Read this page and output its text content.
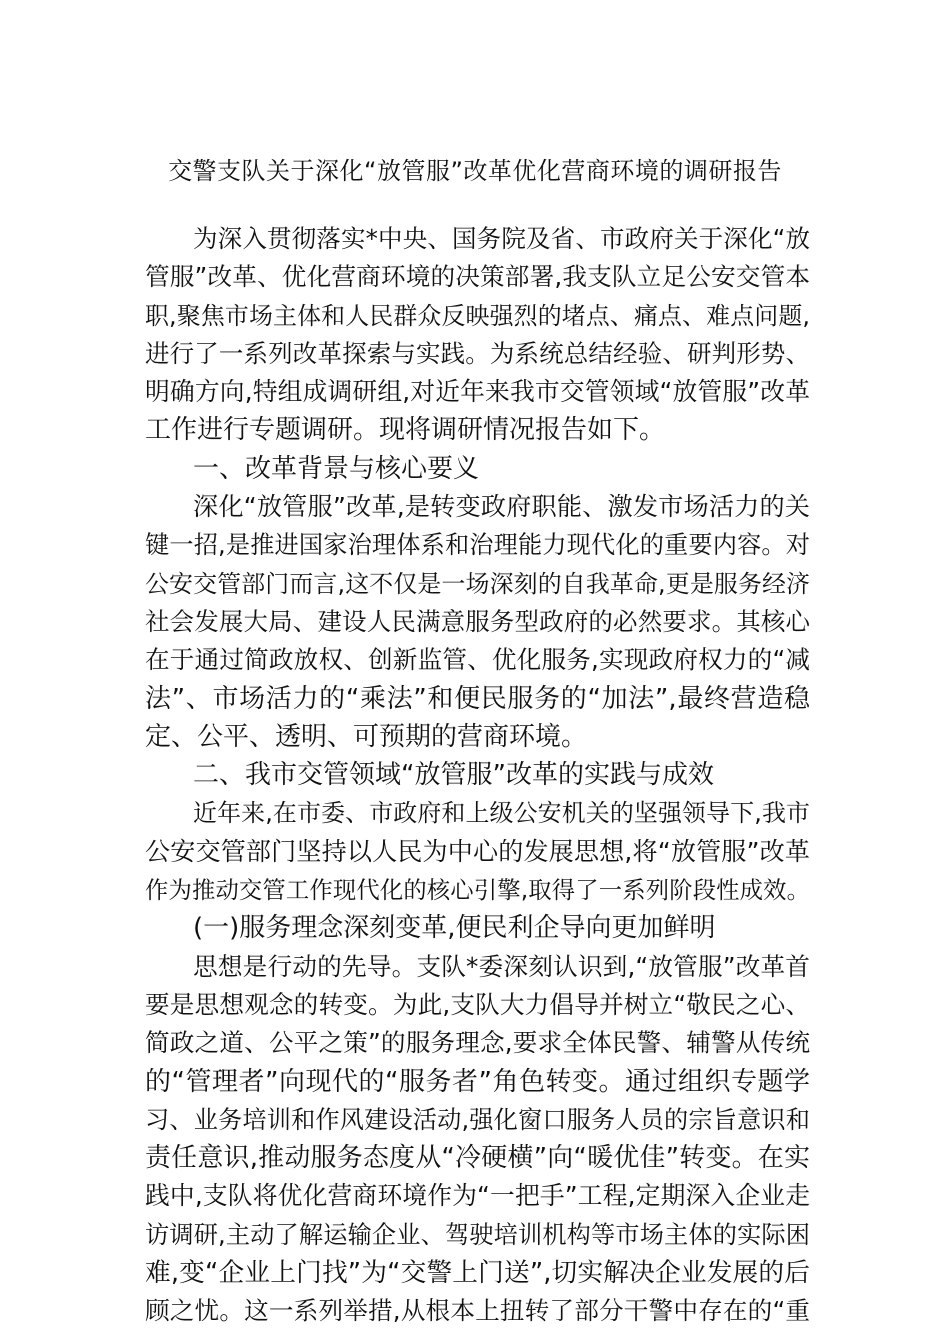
交警支队关于深化“放管服”改革优化营商环境的调研报告
为深入贯彻落实*中央、国务院及省、市政府关于深化“放
管服”改革、优化营商环境的决策部署,我支队立足公安交管本
职,聚焦市场主体和人民群众反映强烈的堵点、痛点、难点问题,
进行了一系列改革探索与实践。为系统总结经验、研判形势、
明确方向,特组成调研组,对近年来我市交管领域“放管服”改革
工作进行专题调研。现将调研情况报告如下。
一、改革背景与核心要义
深化“放管服”改革,是转变政府职能、激发市场活力的关
键一招,是推进国家治理体系和治理能力现代化的重要内容。对
公安交管部门而言,这不仅是一场深刻的自我革命,更是服务经济
社会发展大局、建设人民满意服务型政府的必然要求。其核心
在于通过简政放权、创新监管、优化服务,实现政府权力的“减
法”、市场活力的“乘法”和便民服务的“加法”,最终营造稳
定、公平、透明、可预期的营商环境。
二、我市交管领域“放管服”改革的实践与成效
近年来,在市委、市政府和上级公安机关的坚强领导下,我市
公安交管部门坚持以人民为中心的发展思想,将“放管服”改革
作为推动交管工作现代化的核心引擎,取得了一系列阶段性成效。
(一)服务理念深刻变革,便民利企导向更加鲜明
思想是行动的先导。支队*委深刻认识到,“放管服”改革首
要是思想观念的转变。为此,支队大力倡导并树立“敬民之心、
简政之道、公平之策”的服务理念,要求全体民警、辅警从传统
的“管理者”向现代的“服务者”角色转变。通过组织专题学
习、业务培训和作风建设活动,强化窗口服务人员的宗旨意识和
责任意识,推动服务态度从“冷硬横”向“暖优佳”转变。在实
践中,支队将优化营商环境作为“一把手”工程,定期深入企业走
访调研,主动了解运输企业、驾驶培训机构等市场主体的实际困
难,变“企业上门找”为“交警上门送”,切实解决企业发展的后
顾之忧。这一系列举措,从根本上扭转了部分干警中存在的“重
